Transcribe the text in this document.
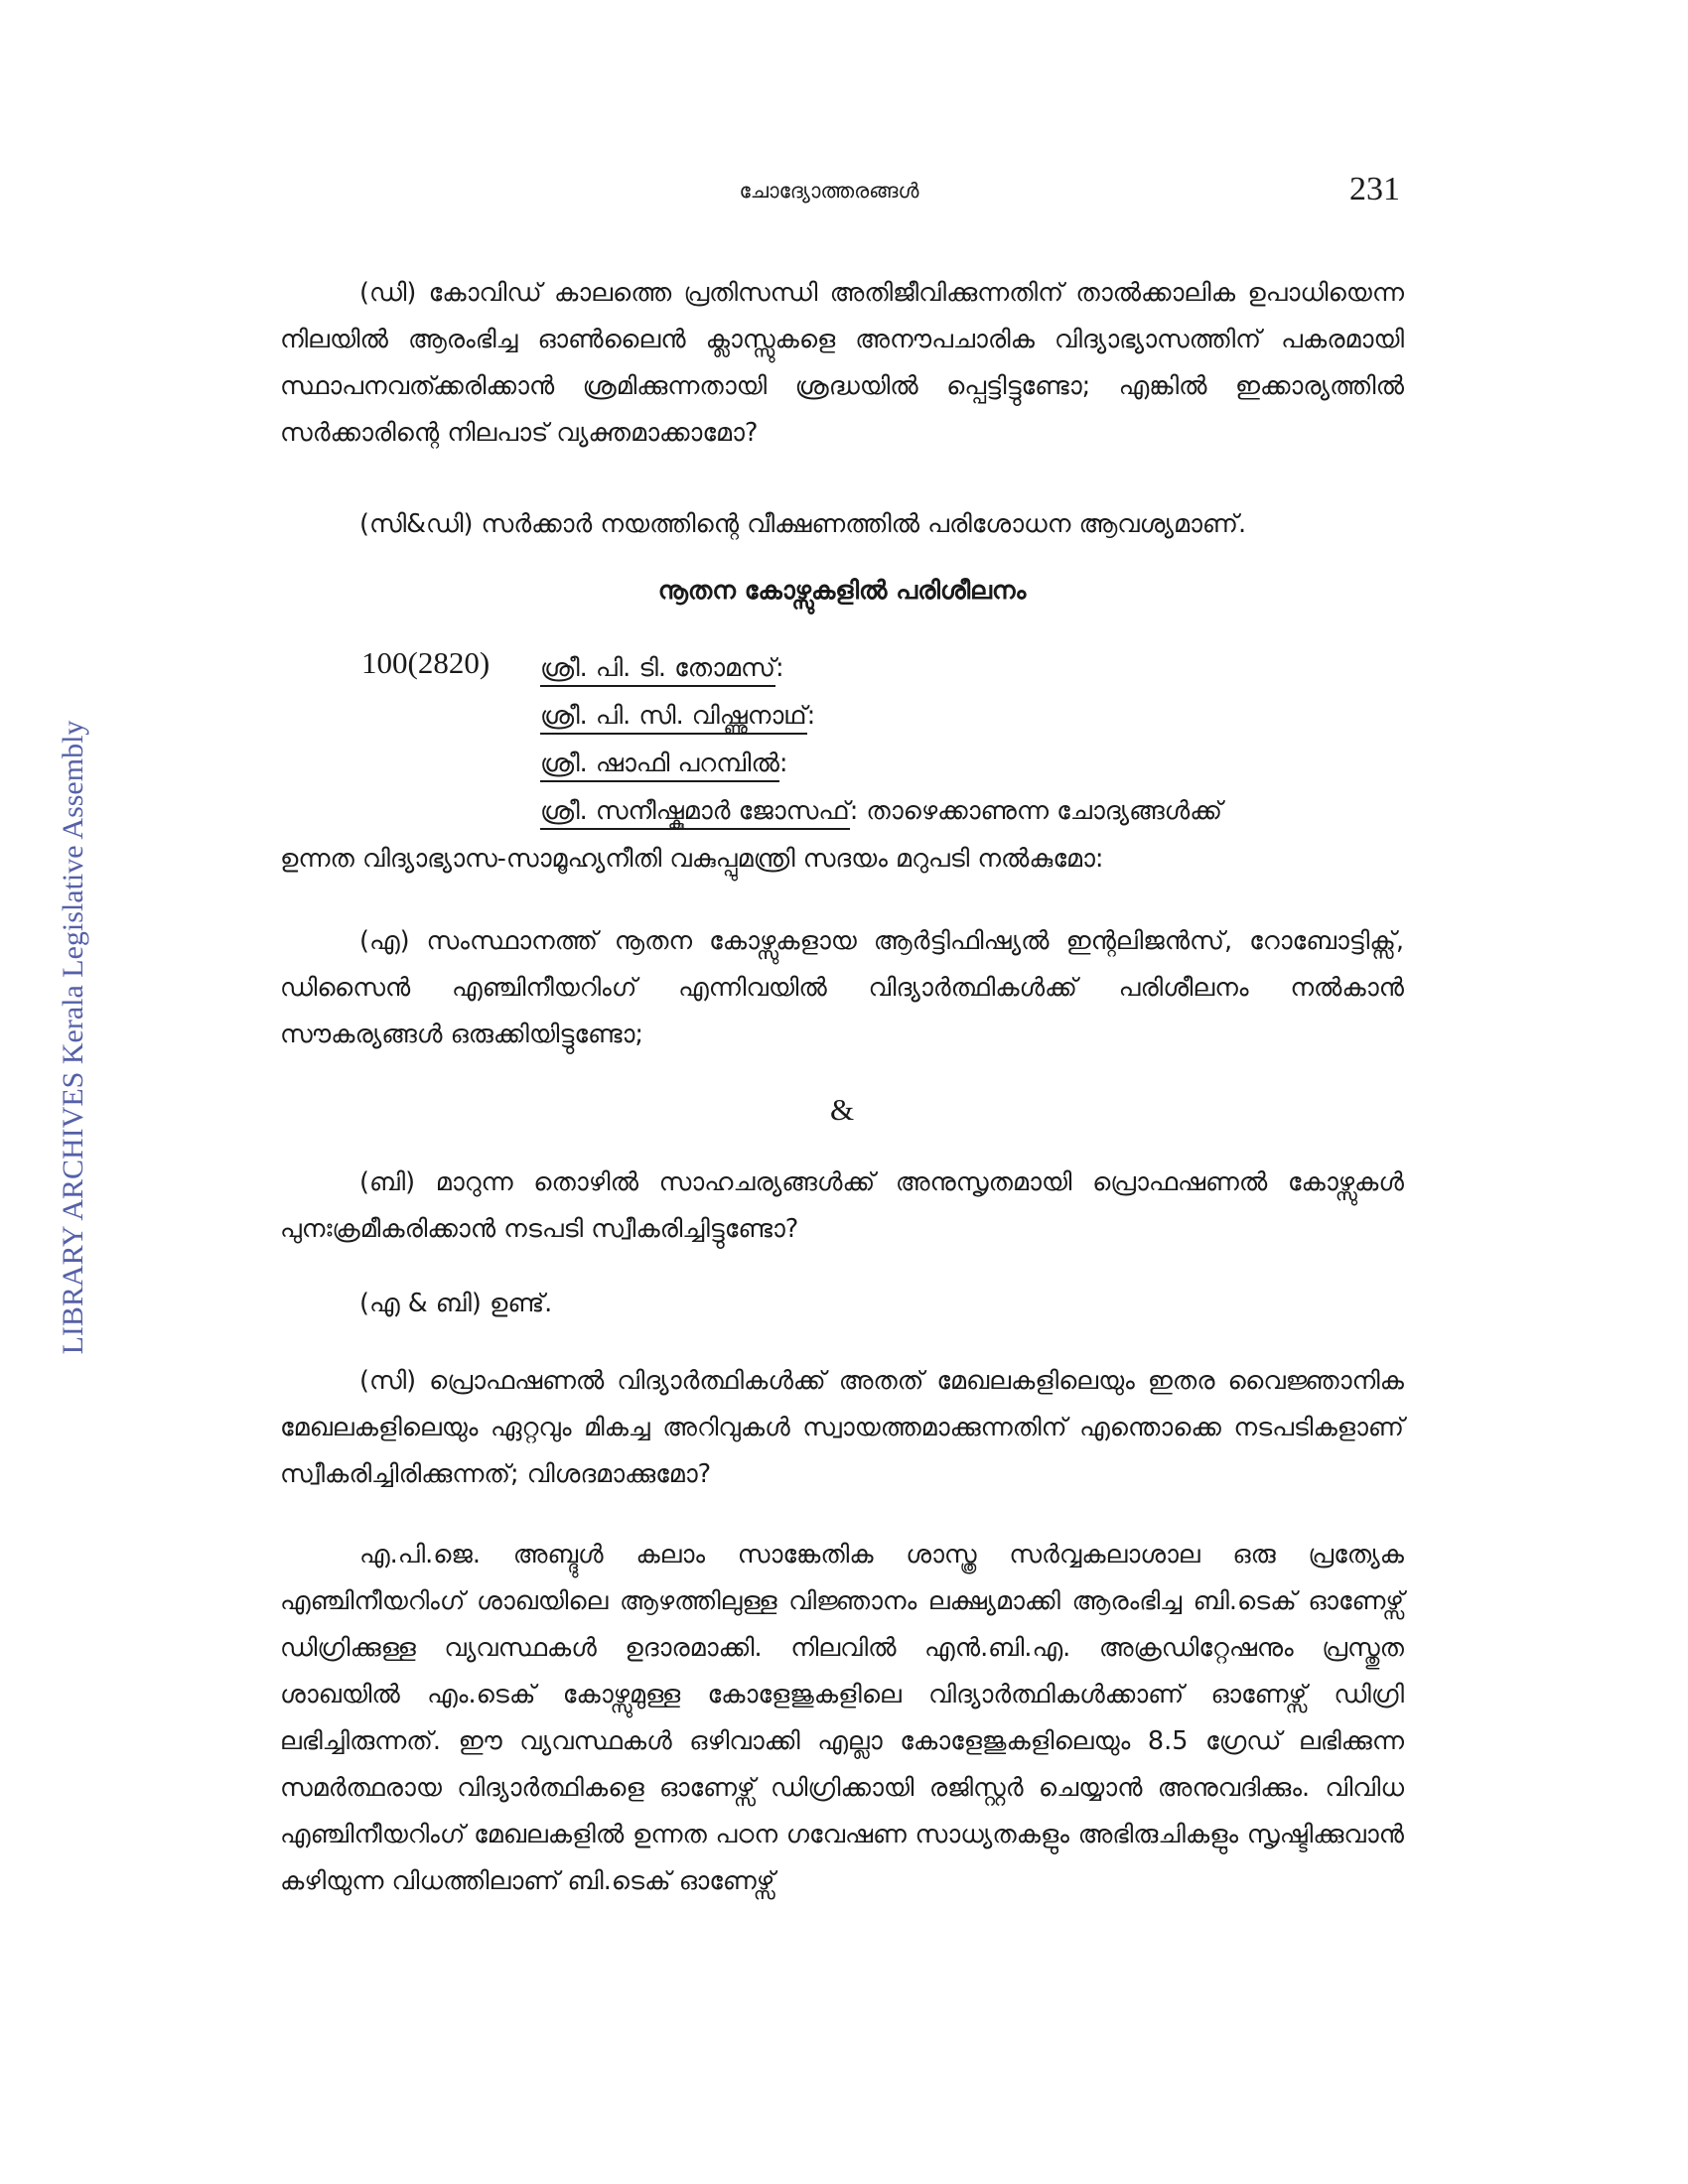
ചോദ്യോത്തരങ്ങൾ	231
LIBRARY ARCHIVES Kerala Legislative Assembly

(ഡി) കോവിഡ് കാലത്തെ പ്രതിസന്ധി അതിജീവിക്കുന്നതിന് താൽക്കാലിക ഉപാധിയെന്ന നിലയിൽ ആരംഭിച്ച ഓൺലൈൻ ക്ലാസ്സുകളെ അനൗപചാരിക വിദ്യാഭ്യാസത്തിന് പകരമായി സ്ഥാപനവത്ക്കരിക്കാൻ ശ്രമിക്കുന്നതായി ശ്രദ്ധയിൽ പ്പെട്ടിട്ടുണ്ടോ; എങ്കിൽ ഇക്കാര്യത്തിൽ സർക്കാരിന്റെ നിലപാട് വ്യക്തമാക്കാമോ?

(സി&ഡി) സർക്കാർ നയത്തിന്റെ വീക്ഷണത്തിൽ പരിശോധന ആവശ്യമാണ്.

നൂതന കോഴ്സുകളിൽ പരിശീലനം
100(2820) ശ്രീ. പി. ടി. തോമസ്:
ശ്രീ. പി. സി. വിഷ്ണുനാഥ്:
ശ്രീ. ഷാഫി പറമ്പിൽ:
ശ്രീ. സനീഷ്കുമാർ ജോസഫ്: താഴെക്കാണുന്ന ചോദ്യങ്ങൾക്ക്
ഉന്നത വിദ്യാഭ്യാസ-സാമൂഹ്യനീതി വകുപ്പുമന്ത്രി സദയം മറുപടി നൽകുമോ:

(എ) സംസ്ഥാനത്ത് നൂതന കോഴ്സുകളായ ആർട്ടിഫിഷ്യൽ ഇന്റലിജൻസ്, റോബോട്ടിക്സ്, ഡിസൈൻ എഞ്ചിനീയറിംഗ് എന്നിവയിൽ വിദ്യാർത്ഥികൾക്ക് പരിശീലനം നൽകാൻ സൗകര്യങ്ങൾ ഒരുക്കിയിട്ടുണ്ടോ;

&

(ബി) മാറുന്ന തൊഴിൽ സാഹചര്യങ്ങൾക്ക് അനുസൃതമായി പ്രൊഫഷണൽ കോഴ്സുകൾ പുനഃക്രമീകരിക്കാൻ നടപടി സ്വീകരിച്ചിട്ടുണ്ടോ?

(എ & ബി) ഉണ്ട്.

(സി) പ്രൊഫഷണൽ വിദ്യാർത്ഥികൾക്ക് അതത് മേഖലകളിലെയും ഇതര വൈജ്ഞാനിക മേഖലകളിലെയും ഏറ്റവും മികച്ച അറിവുകൾ സ്വായത്തമാക്കുന്നതിന് എന്തൊക്കെ നടപടികളാണ് സ്വീകരിച്ചിരിക്കുന്നത്; വിശദമാക്കുമോ?

എ.പി.ജെ. അബ്ദുൾ കലാം സാങ്കേതിക ശാസ്ത്ര സർവ്വകലാശാല ഒരു പ്രത്യേക എഞ്ചിനീയറിംഗ് ശാഖയിലെ ആഴത്തിലുള്ള വിജ്ഞാനം ലക്ഷ്യമാക്കി ആരംഭിച്ച ബി.ടെക് ഓണേഴ്സ് ഡിഗ്രിക്കുള്ള വ്യവസ്ഥകൾ ഉദാരമാക്കി. നിലവിൽ എൻ.ബി.എ. അക്രഡിറ്റേഷനും പ്രസ്തുത ശാഖയിൽ എം.ടെക് കോഴ്സുമുള്ള കോളേജുകളിലെ വിദ്യാർത്ഥികൾക്കാണ് ഓണേഴ്സ് ഡിഗ്രി ലഭിച്ചിരുന്നത്. ഈ വ്യവസ്ഥകൾ ഒഴിവാക്കി എല്ലാ കോളേജുകളിലെയും 8.5 ഗ്രേഡ് ലഭിക്കുന്ന സമർത്ഥരായ വിദ്യാർത്ഥികളെ ഓണേഴ്സ് ഡിഗ്രിക്കായി രജിസ്റ്റർ ചെയ്യാൻ അനുവദിക്കും. വിവിധ എഞ്ചിനീയറിംഗ് മേഖലകളിൽ ഉന്നത പഠന ഗവേഷണ സാധ്യതകളും അഭിരുചികളും സൃഷ്ടിക്കുവാൻ കഴിയുന്ന വിധത്തിലാണ് ബി.ടെക് ഓണേഴ്സ്
